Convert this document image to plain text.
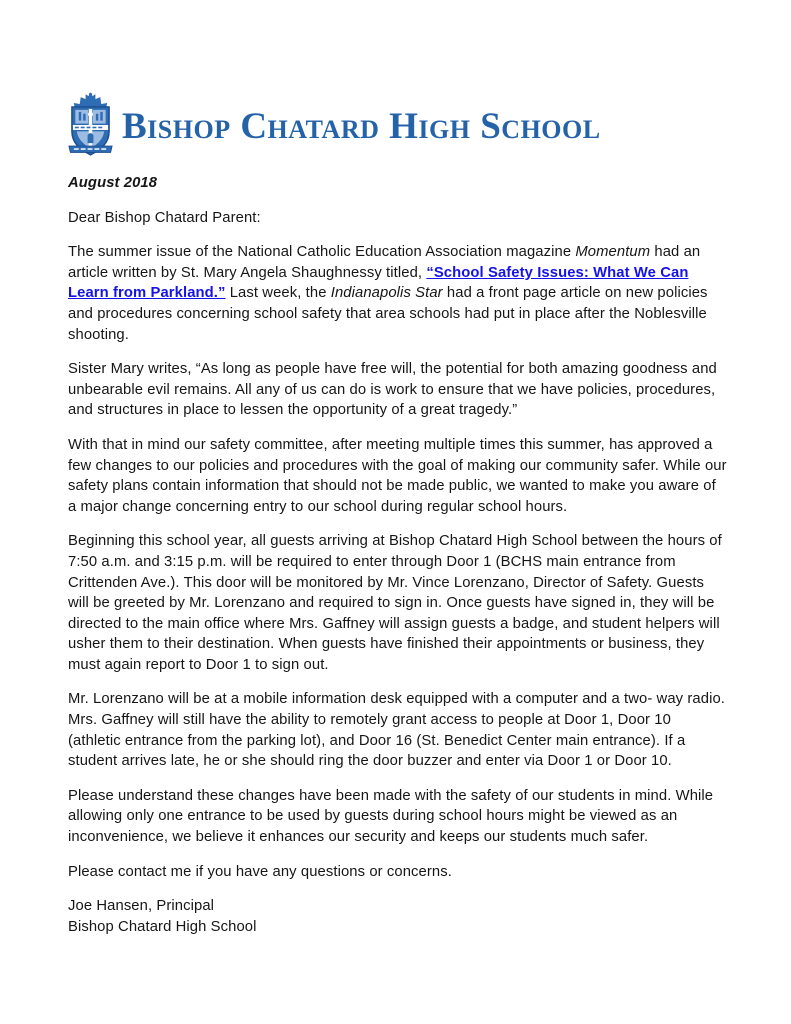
Bishop Chatard High School

August 2018

Dear Bishop Chatard Parent:

The summer issue of the National Catholic Education Association magazine Momentum had an article written by St. Mary Angela Shaughnessy titled, “School Safety Issues: What We Can Learn from Parkland.” Last week, the Indianapolis Star had a front page article on new policies and procedures concerning school safety that area schools had put in place after the Noblesville shooting.

Sister Mary writes, “As long as people have free will, the potential for both amazing goodness and unbearable evil remains. All any of us can do is work to ensure that we have policies, procedures, and structures in place to lessen the opportunity of a great tragedy.”

With that in mind our safety committee, after meeting multiple times this summer, has approved a few changes to our policies and procedures with the goal of making our community safer. While our safety plans contain information that should not be made public, we wanted to make you aware of a major change concerning entry to our school during regular school hours.

Beginning this school year, all guests arriving at Bishop Chatard High School between the hours of 7:50 a.m. and 3:15 p.m. will be required to enter through Door 1 (BCHS main entrance from Crittenden Ave.). This door will be monitored by Mr. Vince Lorenzano, Director of Safety. Guests will be greeted by Mr. Lorenzano and required to sign in. Once guests have signed in, they will be directed to the main office where Mrs. Gaffney will assign guests a badge, and student helpers will usher them to their destination. When guests have finished their appointments or business, they must again report to Door 1 to sign out.

Mr. Lorenzano will be at a mobile information desk equipped with a computer and a two- way radio. Mrs. Gaffney will still have the ability to remotely grant access to people at Door 1, Door 10 (athletic entrance from the parking lot), and Door 16 (St. Benedict Center main entrance). If a student arrives late, he or she should ring the door buzzer and enter via Door 1 or Door 10.

Please understand these changes have been made with the safety of our students in mind. While allowing only one entrance to be used by guests during school hours might be viewed as an inconvenience, we believe it enhances our security and keeps our students much safer.

Please contact me if you have any questions or concerns.

Joe Hansen, Principal
Bishop Chatard High School
